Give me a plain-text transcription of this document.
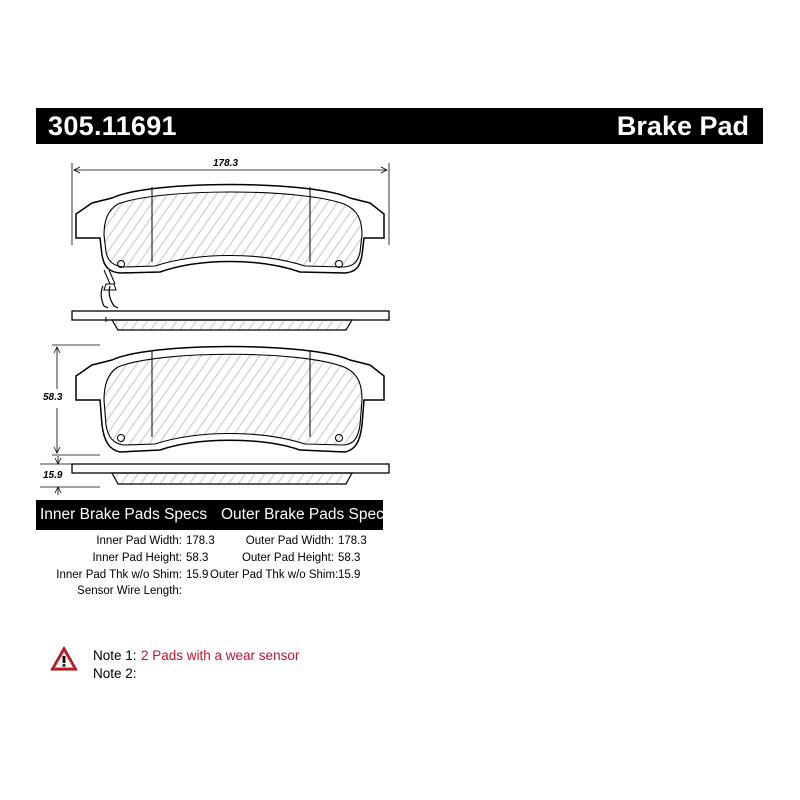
305.11691	Brake Pad
178.3
58.3
15.9
Inner Brake Pads Specs Outer Brake Pads Specs
Inner Pad Width: 178.3
Inner Pad Height: 58.3
Inner Pad Thk w/o Shim: 15.9
Sensor Wire Length:
Outer Pad Width: 178.3
Outer Pad Height: 58.3
Outer Pad Thk w/o Shim:15.9
Note 1: 2 Pads with a wear sensor
Note 2:
